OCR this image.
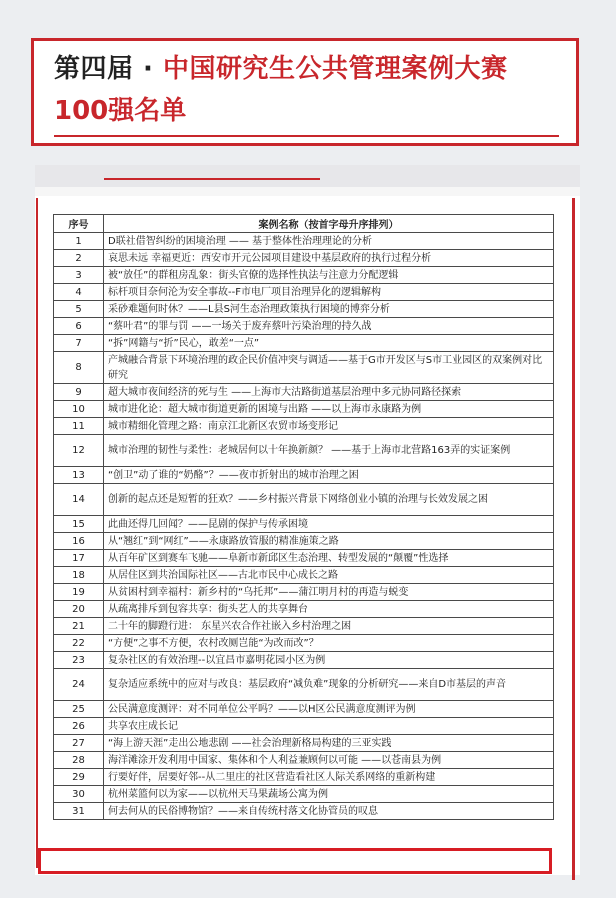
第四届 · 中国研究生公共管理案例大赛
100强名单
序号	案例名称（按首字母升序排列）
1	D联社借智纠纷的困境治理 —— 基于整体性治理理论的分析
2	哀思未远 幸福更近：西安市开元公园项目建设中基层政府的执行过程分析
3	被“放任”的群租房乱象：街头官僚的选择性执法与注意力分配逻辑
4	标杆项目奈何沦为安全事故--F市电厂项目治理异化的逻辑解构
5	采砂难题何时休？——L县S河生态治理政策执行困境的博弈分析
6	“蔡叶君”的罪与罚 ——一场关于废弃蔡叶污染治理的持久战
7	“拆”网籍与“折”民心，敢差“一点”
8	产城融合背景下环境治理的政企民价值冲突与调适——基于G市开发区与S市工业园区的双案例对比研究
9	超大城市夜间经济的死与生 ——上海市大沽路街道基层治理中多元协同路径探索
10	城市进化论：超大城市街道更新的困境与出路 ——以上海市永康路为例
11	城市精细化管理之路：南京江北新区农贸市场变形记
12	城市治理的韧性与柔性：老城居何以十年换新颜？ ——基于上海市北营路163弄的实证案例
13	“创卫”动了谁的“奶酪”？——夜市折射出的城市治理之困
14	创新的起点还是短暂的狂欢？——乡村振兴背景下网络创业小镇的治理与长效发展之困
15	此曲还得几回闻？——昆剧的保护与传承困境
16	从“翘红”到“网红”——永康路放管服的精准施策之路
17	从百年矿区到赛车飞驰——阜新市新邱区生态治理、转型发展的“颠覆”性选择
18	从居住区到共治国际社区——古北市民中心成长之路
19	从贫困村到幸福村：新乡村的“乌托邦”——蒲江明月村的再造与蜕变
20	从疏离排斥到包容共享：街头艺人的共享舞台
21	二十年的脚蹬行进： 东星兴农合作社嵌入乡村治理之困
22	“方便”之事不方便，农村改厕岂能“为改而改”？
23	复杂社区的有效治理--以宜昌市嘉明花园小区为例
24	复杂适应系统中的应对与改良：基层政府“减负难”现象的分析研究——来自D市基层的声音
25	公民满意度测评：对不同单位公平吗？——以H区公民满意度测评为例
26	共享农庄成长记
27	“海上游天涯”走出公地悲剧 ——社会治理新格局构建的三亚实践
28	海洋滩涂开发利用中国家、集体和个人利益兼顾何以可能 ——以苍南县为例
29	行要好伴，居要好邻--从二里庄的社区营造看社区人际关系网络的重新构建
30	杭州菜篮何以为家——以杭州天马果蔬场公寓为例
31	何去何从的民俗博物馆？——来自传统村落文化协管员的叹息
